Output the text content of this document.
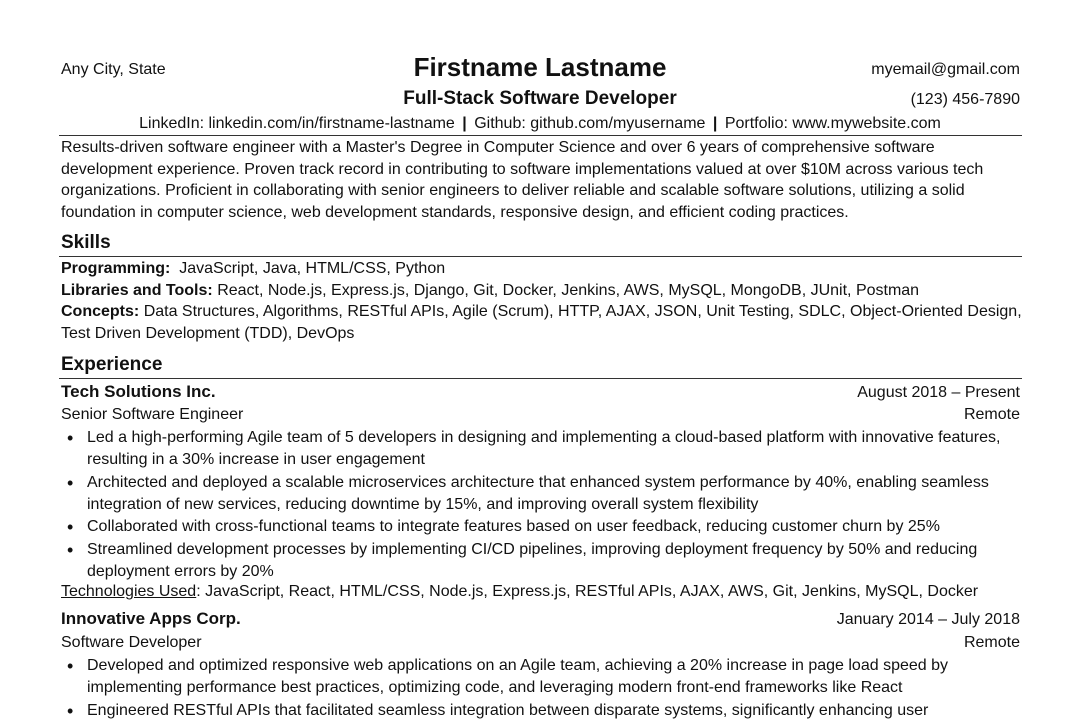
Any City, State	Firstname Lastname	myemail@gmail.com
Full-Stack Software Developer	(123) 456-7890
LinkedIn: linkedin.com/in/firstname-lastname | Github: github.com/myusername | Portfolio: www.mywebsite.com
Results-driven software engineer with a Master's Degree in Computer Science and over 6 years of comprehensive software development experience. Proven track record in contributing to software implementations valued at over $10M across various tech organizations. Proficient in collaborating with senior engineers to deliver reliable and scalable software solutions, utilizing a solid foundation in computer science, web development standards, responsive design, and efficient coding practices.
Skills
Programming: JavaScript, Java, HTML/CSS, Python
Libraries and Tools: React, Node.js, Express.js, Django, Git, Docker, Jenkins, AWS, MySQL, MongoDB, JUnit, Postman
Concepts: Data Structures, Algorithms, RESTful APIs, Agile (Scrum), HTTP, AJAX, JSON, Unit Testing, SDLC, Object-Oriented Design, Test Driven Development (TDD), DevOps
Experience
Tech Solutions Inc.	August 2018 – Present
Senior Software Engineer	Remote
• Led a high-performing Agile team of 5 developers in designing and implementing a cloud-based platform with innovative features, resulting in a 30% increase in user engagement
• Architected and deployed a scalable microservices architecture that enhanced system performance by 40%, enabling seamless integration of new services, reducing downtime by 15%, and improving overall system flexibility
• Collaborated with cross-functional teams to integrate features based on user feedback, reducing customer churn by 25%
• Streamlined development processes by implementing CI/CD pipelines, improving deployment frequency by 50% and reducing deployment errors by 20%
Technologies Used: JavaScript, React, HTML/CSS, Node.js, Express.js, RESTful APIs, AJAX, AWS, Git, Jenkins, MySQL, Docker
Innovative Apps Corp.	January 2014 – July 2018
Software Developer	Remote
• Developed and optimized responsive web applications on an Agile team, achieving a 20% increase in page load speed by implementing performance best practices, optimizing code, and leveraging modern front-end frameworks like React
• Engineered RESTful APIs that facilitated seamless integration between disparate systems, significantly enhancing user
